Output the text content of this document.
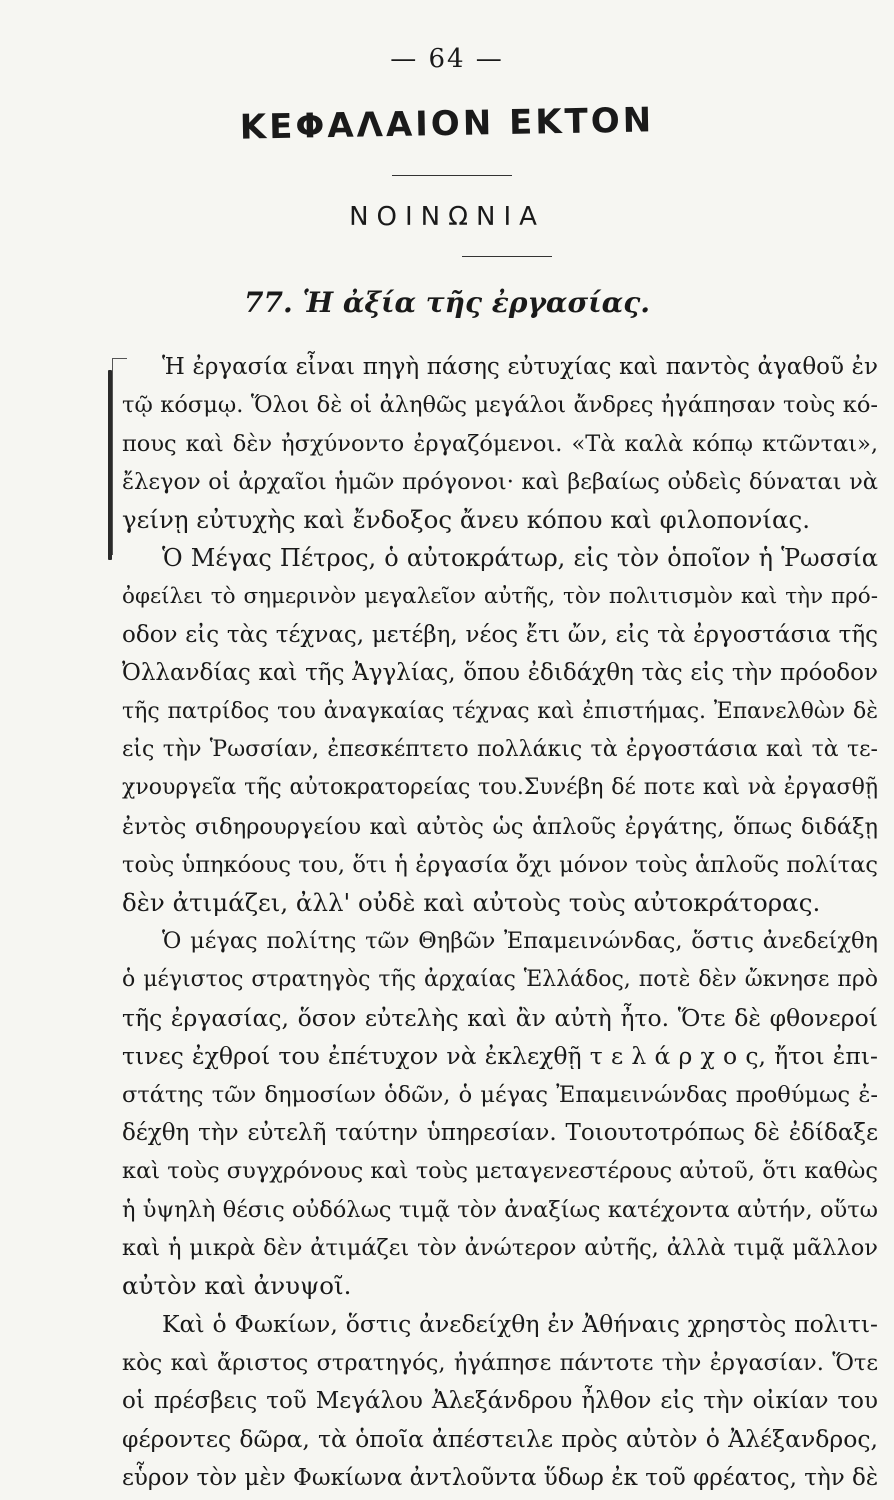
— 64 —
ΚΕΦΑΛΑΙΟΝ ΕΚΤΟΝ
ΝΟΙΝΩΝΙΑ
77. Ἡ ἀξία τῆς ἐργασίας.
Ἡ ἐργασία εἶναι πηγὴ πάσης εὐτυχίας καὶ παντὸς ἀγαθοῦ ἐν
τῷ κόσμῳ. Ὅλοι δὲ οἱ ἀληθῶς μεγάλοι ἄνδρες ἠγάπησαν τοὺς κό-
πους καὶ δὲν ἠσχύνοντο ἐργαζόμενοι. «Τὰ καλὰ κόπῳ κτῶνται»,
ἔλεγον οἱ ἀρχαῖοι ἡμῶν πρόγονοι· καὶ βεβαίως οὐδεὶς δύναται νὰ
γείνῃ εὐτυχὴς καὶ ἔνδοξος ἄνευ κόπου καὶ φιλοπονίας.
Ὁ Μέγας Πέτρος, ὁ αὐτοκράτωρ, εἰς τὸν ὁποῖον ἡ Ῥωσσία
ὀφείλει τὸ σημερινὸν μεγαλεῖον αὐτῆς, τὸν πολιτισμὸν καὶ τὴν πρό-
οδον εἰς τὰς τέχνας, μετέβη, νέος ἔτι ὤν, εἰς τὰ ἐργοστάσια τῆς
Ὀλλανδίας καὶ τῆς Ἀγγλίας, ὅπου ἐδιδάχθη τὰς εἰς τὴν πρόοδον
τῆς πατρίδος του ἀναγκαίας τέχνας καὶ ἐπιστήμας. Ἐπανελθὼν δὲ
εἰς τὴν Ῥωσσίαν, ἐπεσκέπτετο πολλάκις τὰ ἐργοστάσια καὶ τὰ τε-
χνουργεῖα τῆς αὐτοκρατορείας του.Συνέβη δέ ποτε καὶ νὰ ἐργασθῇ
ἐντὸς σιδηρουργείου καὶ αὐτὸς ὡς ἁπλοῦς ἐργάτης, ὅπως διδάξῃ
τοὺς ὑπηκόους του, ὅτι ἡ ἐργασία ὄχι μόνον τοὺς ἁπλοῦς πολίτας
δὲν ἀτιμάζει, ἀλλ' οὐδὲ καὶ αὐτοὺς τοὺς αὐτοκράτορας.
Ὁ μέγας πολίτης τῶν Θηβῶν Ἐπαμεινώνδας, ὅστις ἀνεδείχθη
ὁ μέγιστος στρατηγὸς τῆς ἀρχαίας Ἑλλάδος, ποτὲ δὲν ὤκνησε πρὸ
τῆς ἐργασίας, ὅσον εὐτελὴς καὶ ἂν αὐτὴ ἦτο. Ὅτε δὲ φθονεροί
τινες ἐχθροί του ἐπέτυχον νὰ ἐκλεχθῇ τ ε λ ά ρ χ ο ς, ἤτοι ἐπι-
στάτης τῶν δημοσίων ὁδῶν, ὁ μέγας Ἐπαμεινώνδας προθύμως ἐ-
δέχθη τὴν εὐτελῆ ταύτην ὑπηρεσίαν. Τοιουτοτρόπως δὲ ἐδίδαξε
καὶ τοὺς συγχρόνους καὶ τοὺς μεταγενεστέρους αὐτοῦ, ὅτι καθὼς
ἡ ὑψηλὴ θέσις οὐδόλως τιμᾷ τὸν ἀναξίως κατέχοντα αὐτήν, οὕτω
καὶ ἡ μικρὰ δὲν ἀτιμάζει τὸν ἀνώτερον αὐτῆς, ἀλλὰ τιμᾷ μᾶλλον
αὐτὸν καὶ ἀνυψοῖ.
Καὶ ὁ Φωκίων, ὅστις ἀνεδείχθη ἐν Ἀθήναις χρηστὸς πολιτι-
κὸς καὶ ἄριστος στρατηγός, ἠγάπησε πάντοτε τὴν ἐργασίαν. Ὅτε
οἱ πρέσβεις τοῦ Μεγάλου Ἀλεξάνδρου ἦλθον εἰς τὴν οἰκίαν του
φέροντες δῶρα, τὰ ὁποῖα ἀπέστειλε πρὸς αὐτὸν ὁ Ἀλέξανδρος,
εὗρον τὸν μὲν Φωκίωνα ἀντλοῦντα ὕδωρ ἐκ τοῦ φρέατος, τὴν δὲ
